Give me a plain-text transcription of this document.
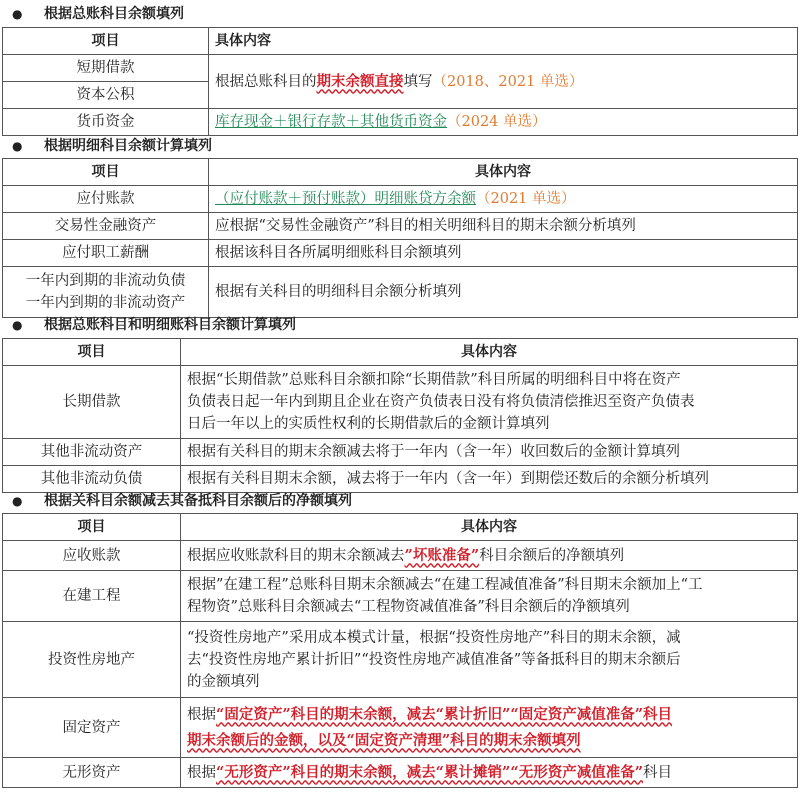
● 根据总账科目余额填列
项目	具体内容
短期借款	根据总账科目的期末余额直接填写（2018、2021 单选）
资本公积	
货币资金	库存现金＋银行存款＋其他货币资金（2024 单选）
● 根据明细科目余额计算填列
项目	具体内容
应付账款	（应付账款＋预付账款）明细账贷方余额（2021 单选）
交易性金融资产	应根据“交易性金融资产”科目的相关明细科目的期末余额分析填列
应付职工薪酬	根据该科目各所属明细账科目余额填列

一年内到期的非流动负债
一年内到期的非流动资产	根据有关科目的明细科目余额分析填列
● 根据总账科目和明细账科目余额计算填列
项目	具体内容
长期借款	根据“长期借款”总账科目余额扣除“长期借款”科目所属的明细科目中将在资产
负债表日起一年内到期且企业在资产负债表日没有将负债清偿推迟至资产负债表
日后一年以上的实质性权利的长期借款后的金额计算填列

其他非流动资产	根据有关科目的期末余额减去将于一年内（含一年）收回数后的金额计算填列
其他非流动负债	根据有关科目期末余额，减去将于一年内（含一年）到期偿还数后的余额分析填列
● 根据关科目余额减去其备抵科目余额后的净额填列
项目	具体内容
应收账款	根据应收账款科目的期末余额减去”坏账准备”科目余额后的净额填列
在建工程	根据”在建工程”总账科目期末余额减去“在建工程减值准备”科目期末余额加上“工
程物资”总账科目余额减去“工程物资减值准备”科目余额后的净额填列

投资性房地产	“投资性房地产”采用成本模式计量，根据“投资性房地产”科目的期末余额，减
去“投资性房地产累计折旧”“投资性房地产减值准备”等备抵科目的期末余额后
的金额填列

固定资产	根据“固定资产”科目的期末余额，减去“累计折旧”“固定资产减值准备”科目
期末余额后的金额，以及“固定资产清理”科目的期末余额填列

无形资产	根据“无形资产”科目的期末余额，减去“累计摊销”“无形资产减值准备”科目
